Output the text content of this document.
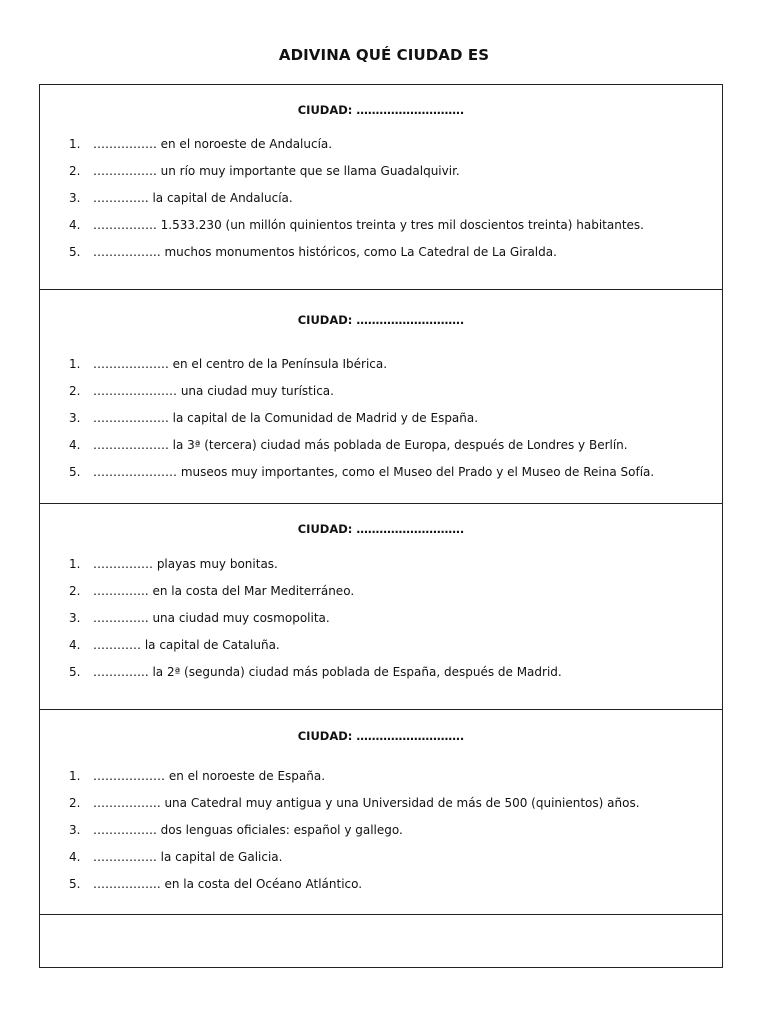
ADIVINA QUÉ CIUDAD ES
CIUDAD: ……………………….
1. ……………. en el noroeste de Andalucía.
2. ……………. un río muy importante que se llama Guadalquivir.
3. ………….. la capital de Andalucía.
4. ……………. 1.533.230 (un millón quinientos treinta y tres mil doscientos treinta) habitantes.
5. …………….. muchos monumentos históricos, como La Catedral de La Giralda.
CIUDAD: ……………………….
1. ………………. en el centro de la Península Ibérica.
2. ………………… una ciudad muy turística.
3. ………………. la capital de la Comunidad de Madrid y de España.
4. ………………. la 3ª (tercera) ciudad más poblada de Europa, después de Londres y Berlín.
5. ………………… museos muy importantes, como el Museo del Prado y el Museo de Reina Sofía.
CIUDAD: ……………………….
1. …………… playas muy bonitas.
2. ………….. en la costa del Mar Mediterráneo.
3. ………….. una ciudad muy cosmopolita.
4. ………… la capital de Cataluña.
5. ………….. la 2ª (segunda) ciudad más poblada de España, después de Madrid.
CIUDAD: ……………………….
1. ……………… en el noroeste de España.
2. …………….. una Catedral muy antigua y una Universidad de más de 500 (quinientos) años.
3. ……………. dos lenguas oficiales: español y gallego.
4. ……………. la capital de Galicia.
5. …………….. en la costa del Océano Atlántico.
